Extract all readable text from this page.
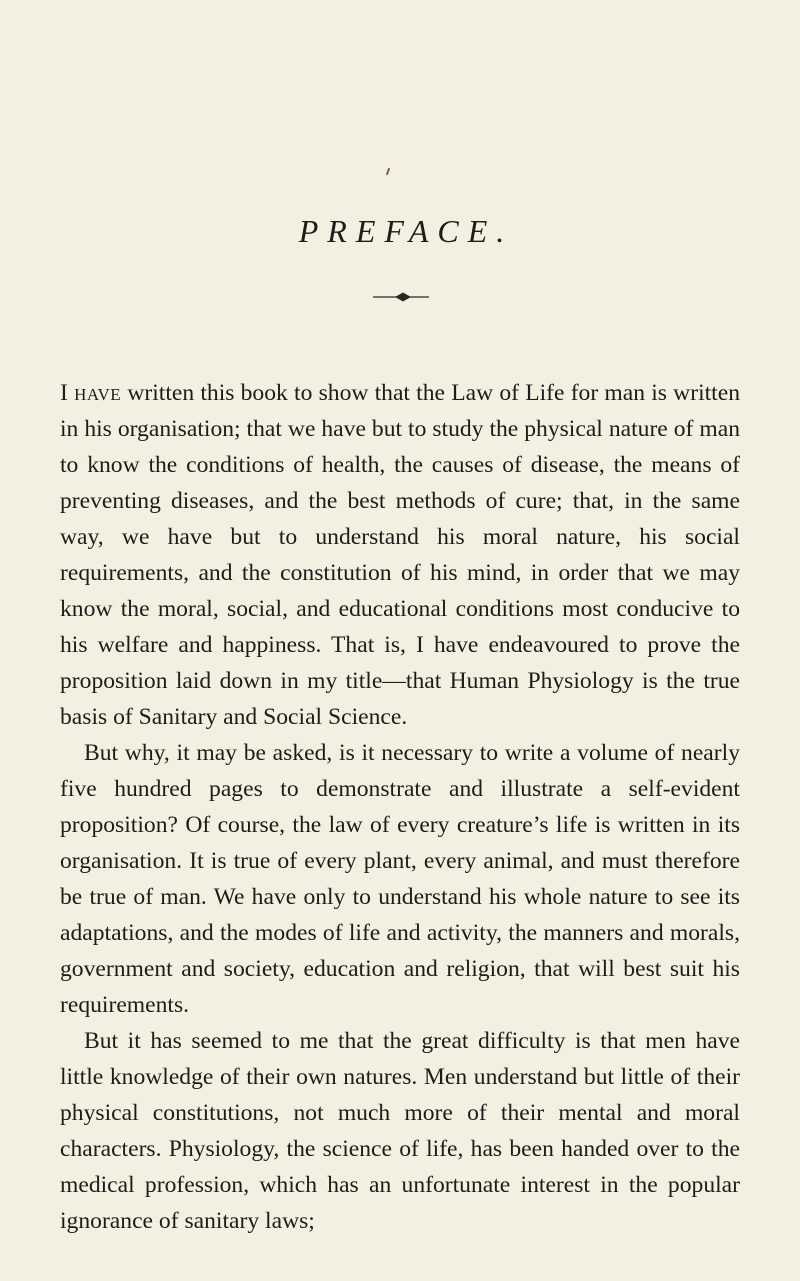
PREFACE.

I have written this book to show that the Law of Life for man is written in his organisation; that we have but to study the physical nature of man to know the conditions of health, the causes of disease, the means of preventing diseases, and the best methods of cure; that, in the same way, we have but to understand his moral nature, his social requirements, and the constitution of his mind, in order that we may know the moral, social, and educational conditions most conducive to his welfare and happiness. That is, I have endeavoured to prove the proposition laid down in my title—that Human Physiology is the true basis of Sanitary and Social Science.

But why, it may be asked, is it necessary to write a volume of nearly five hundred pages to demonstrate and illustrate a self-evident proposition? Of course, the law of every creature’s life is written in its organisation. It is true of every plant, every animal, and must therefore be true of man. We have only to understand his whole nature to see its adaptations, and the modes of life and activity, the manners and morals, government and society, education and religion, that will best suit his requirements.

But it has seemed to me that the great difficulty is that men have little knowledge of their own natures. Men understand but little of their physical constitutions, not much more of their mental and moral characters. Physiology, the science of life, has been handed over to the medical profession, which has an unfortunate interest in the popular ignorance of sanitary laws;
